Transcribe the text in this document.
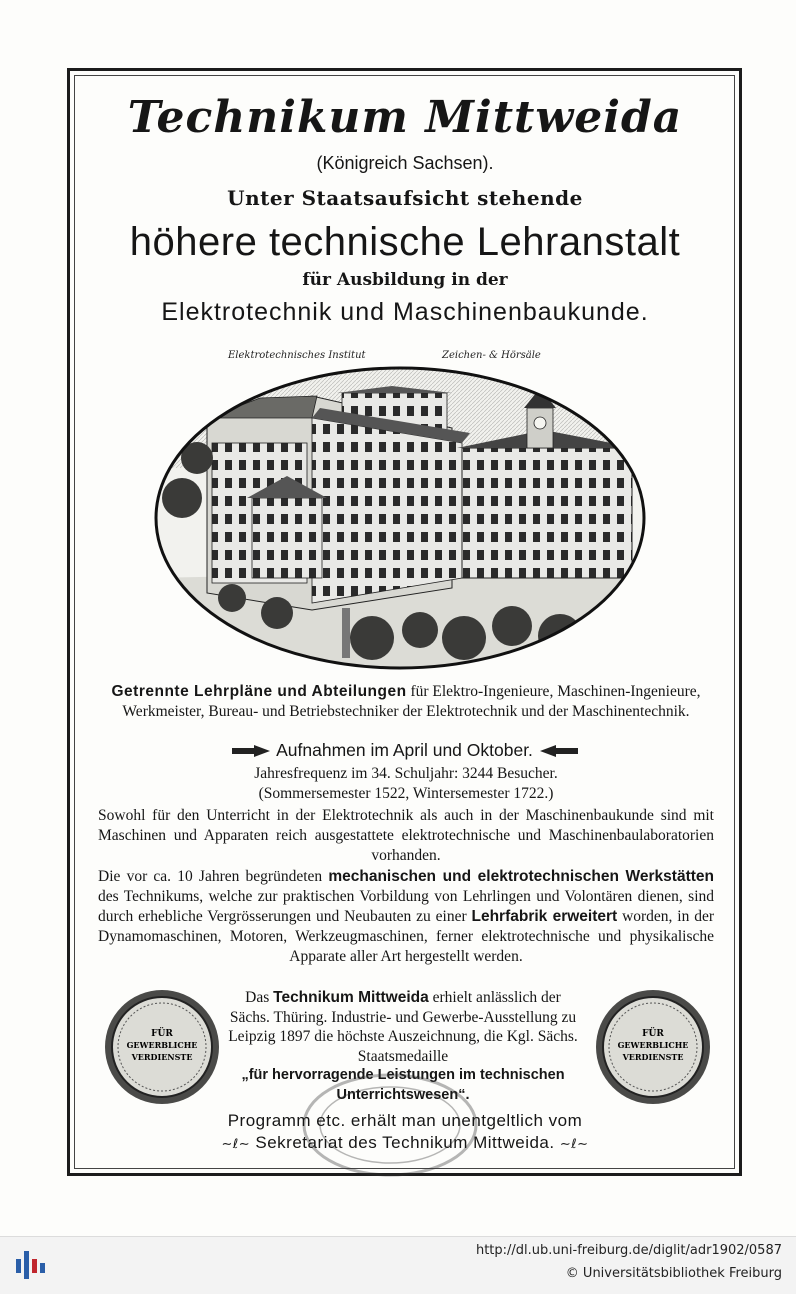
Technikum Mittweida
(Königreich Sachsen).
Unter Staatsaufsicht stehende
höhere technische Lehranstalt
für Ausbildung in der
Elektrotechnik und Maschinenbaukunde.
Elektrotechnisches Institut	Zeichen- & Hörsäle
Getrennte Lehrpläne und Abteilungen für Elektro-Ingenieure, Maschinen-Ingenieure, Werkmeister, Bureau- und Betriebstechniker der Elektrotechnik und der Maschinentechnik.
Aufnahmen im April und Oktober.
Jahresfrequenz im 34. Schuljahr: 3244 Besucher.
(Sommersemester 1522, Wintersemester 1722.)
Sowohl für den Unterricht in der Elektrotechnik als auch in der Maschinenbaukunde sind mit Maschinen und Apparaten reich ausgestattete elektrotechnische und Maschinenbaulaboratorien vorhanden.
Die vor ca. 10 Jahren begründeten mechanischen und elektrotechnischen Werkstätten des Technikums, welche zur praktischen Vorbildung von Lehrlingen und Volontären dienen, sind durch erhebliche Vergrösserungen und Neubauten zu einer Lehrfabrik erweitert worden, in der Dynamomaschinen, Motoren, Werkzeugmaschinen, ferner elektrotechnische und physikalische Apparate aller Art hergestellt werden.
FÜR
GEWERBLICHE
VERDIENSTE
Das Technikum Mittweida erhielt anlässlich der Sächs. Thüring. Industrie- und Gewerbe-Ausstellung zu Leipzig 1897 die höchste Auszeichnung, die Kgl. Sächs. Staatsmedaille
„für hervorragende Leistungen im technischen Unterrichtswesen“.
FÜR
GEWERBLICHE
VERDIENSTE
Programm etc. erhält man unentgeltlich vom
∼ℓ∼ Sekretariat des Technikum Mittweida. ∼ℓ∼
http://dl.ub.uni-freiburg.de/diglit/adr1902/0587
© Universitätsbibliothek Freiburg
